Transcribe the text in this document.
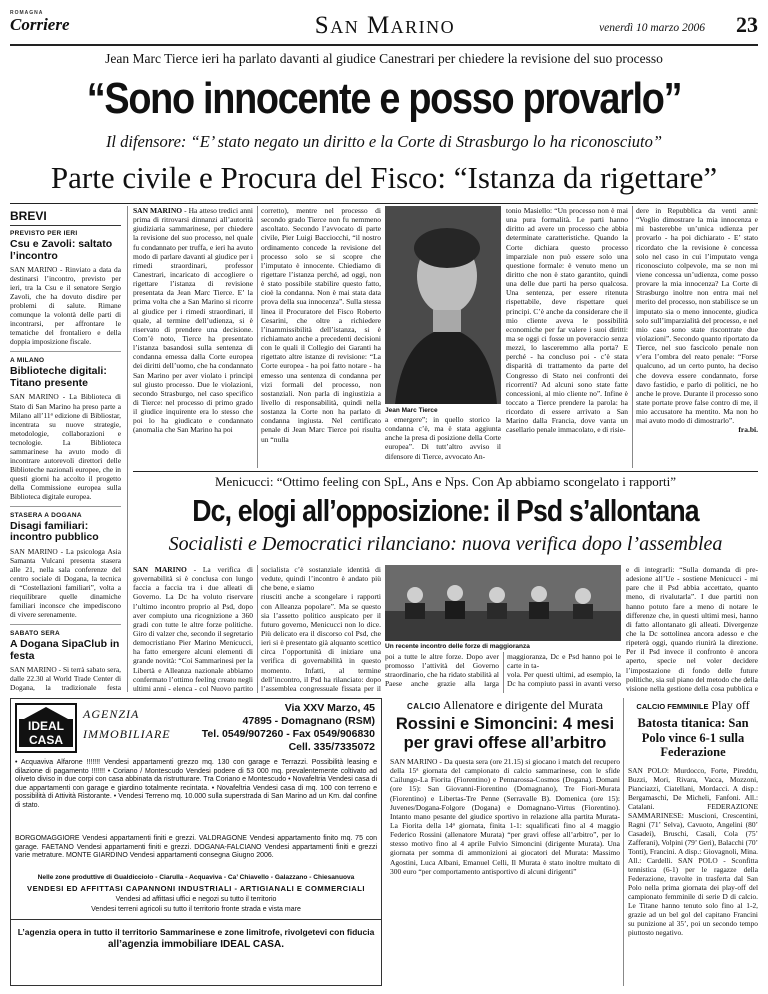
ROMAGNA
Corriere	San Marino	venerdì 10 marzo 2006	23
Jean Marc Tierce ieri ha parlato davanti al giudice Canestrari per chiedere la revisione del suo processo
“Sono innocente e posso provarlo”
Il difensore: “E’ stato negato un diritto e la Corte di Strasburgo lo ha riconosciuto”
Parte civile e Procura del Fisco: “Istanza da rigettare”
BREVI
PREVISTO PER IERI
Csu e Zavoli: saltato l’incontro
SAN MARINO - Rinviato a data da destinarsi l’incontro, previsto per ieri, tra la Csu e il senatore Sergio Zavoli, che ha dovuto disdire per problemi di salute. Rimane comunque la volontà delle parti di incontrarsi, per affrontare le tematiche del frontaliero e della doppia imposizione fiscale.
A MILANO
Biblioteche digitali: Titano presente
SAN MARINO - La Biblioteca di Stato di San Marino ha preso parte a Milano all’11ª edizione di Bibliostar, incentrata su nuove strategie, metodologie, collaborazioni e tecnologie. La Biblioteca sammarinese ha avuto modo di incontrare autorevoli direttori delle Biblioteche nazionali europee, che in questi giorni ha accolto il progetto della Commissione europea sulla Biblioteca digitale europea.
STASERA A DOGANA
Disagi familiari: incontro pubblico
SAN MARINO - La psicologa Asia Samanta Vulcani presenta stasera alle 21, nella sala conferenze del centro sociale di Dogana, la tecnica di “Costellazioni familiari”, volta a riequilibrare quelle dinamiche familiari inconsce che impediscono di vivere serenamente.
SABATO SERA
A Dogana SipaClub in festa
SAN MARINO - Si terrà sabato sera, dalle 22.30 al World Trade Center di Dogana, la tradizionale festa

SAN MARINO - Ha atteso tredici anni prima di ritrovarsi dinnanzi all’autorità giudiziaria sammarinese, per chiedere la revisione del suo processo, nel quale fu condannato per truffa, e ieri ha avuto modo di parlare davanti al giudice per i rimedi straordinari, professor Canestrari, incaricato di accogliere o rigettare l’istanza di revisione presentata da Jean Marc Tierce. E’ la prima volta che a San Marino si ricorre al giudice per i rimedi straordinari, il quale, al termine dell’udienza, si è riservato di prendere una decisione. Com’è noto, Tierce ha presentato l’istanza basandosi sulla sentenza di condanna emessa dalla Corte europea dei diritti dell’uomo, che ha condannato San Marino per aver violato i principi sul giusto processo. Due le violazioni, secondo Strasburgo, nel caso specifico di Tierce: nel processo di primo grado il giudice inquirente era lo stesso che poi lo ha giudicato e condannato (anomalia che San Marino ha poi

corretto), mentre nel processo di secondo grado Tierce non fu nemmeno ascoltato. Secondo l’avvocato di parte civile, Pier Luigi Bacciocchi, “il nostro ordinamento concede la revisione del processo solo se si scopre che l’imputato è innocente. Chiediamo di rigettare l’istanza perché, ad oggi, non è stato possibile stabilire questo fatto, cioè la condanna. Non è mai stata data prova della sua innocenza”. Sulla stessa linea il Procuratore del Fisco Roberto Cesarini, che oltre a richiedere l’inammissibilità dell’istanza, si è richiamato anche a precedenti decisioni con le quali il Collegio dei Garanti ha rigettato altre istanze di revisione: “La Corte europea - ha poi fatto notare - ha emesso una sentenza di condanna per vizi formali del processo, non sostanziali. Non parla di ingiustizia a livello di responsabilità, quindi nella sostanza la Corte non ha parlato di condanna ingiusta. Nel certificato penale di Jean Marc Tierce poi risulta un “nulla

Jean Marc Tierce
a emergere”; in quello storico la condanna c’è, ma è stata aggiunta anche la presa di posizione della Corte europea”. Di tutt’altro avviso il difensore di Tierce, avvocato An-

tonio Masiello: “Un processo non è mai una pura formalità. Le parti hanno diritto ad avere un processo che abbia determinate caratteristiche. Quando la Corte dichiara questo processo imparziale non può essere solo una questione formale: è venuto meno un diritto che non è stato garantito, quindi una delle due parti ha perso qualcosa. Una sentenza, per essere ritenuta rispettabile, deve rispettare quei principi. C’è anche da considerare che il mio cliente aveva le possibilità economiche per far valere i suoi diritti: ma se oggi ci fosse un poveraccio senza mezzi, lo lasceremmo alla porta? E perché - ha concluso poi - c’è stata disparità di trattamento da parte del Congresso di Stato nei confronti dei ricorrenti? Ad alcuni sono state fatte concessioni, al mio cliente no”. Infine è toccato a Tierce prendere la parola: ha ricordato di essere arrivato a San Marino dalla Francia, dove vanta un casellario penale immacolato, e di risie-

dere in Repubblica da venti anni: “Voglio dimostrare la mia innocenza e mi basterebbe un’unica udienza per provarlo - ha poi dichiarato - E’ stato ricordato che la revisione è concessa solo nel caso in cui l’imputato venga riconosciuto colpevole, ma se non mi viene concessa un’udienza, come posso provare la mia innocenza? La Corte di Strasburgo inoltre non entra mai nel merito del processo, non stabilisce se un imputato sia o meno innocente, giudica solo sull’imparzialità del processo, e nel mio caso sono state riscontrate due violazioni”. Secondo quanto riportato da Tierce, nel suo fascicolo penale non v’era l’ombra del reato penale: “Forse qualcuno, ad un certo punto, ha deciso che doveva essere condannato, forse davo fastidio, e parlo di politici, ne ho anche le prove. Durante il processo sono state portate prove false contro di me, il mio accusatore ha mentito. Ma non ho mai avuto modo di dimostrarlo”.

fra.bi.

Menicucci: “Ottimo feeling con SpL, Ans e Nps. Con Ap abbiamo scongelato i rapporti”
Dc, elogi all’opposizione: il Psd s’allontana
Socialisti e Democratici rilanciano: nuova verifica dopo l’assemblea

SAN MARINO - La verifica di governabilità si è conclusa con lungo faccia a faccia tra i due alleati di Governo. La Dc ha voluto riservare l’ultimo incontro proprio al Psd, dopo aver compiuto una ricognizione a 360 gradi con tutte le altre forze politiche. Giro di valzer che, secondo il segretario democristiano Pier Marino Menicucci, ha fatto emergere alcuni elementi di grande novità: “Coi Sammarinesi per la Libertà e Alleanza nazionale abbiamo confermato l’ottimo feeling creato negli ultimi anni - elenca - col Nuovo partito socialista c’è sostanziale identità di vedute, quindi l’incontro è andato più che bene, e siamo

riusciti anche a scongelare i rapporti con Alleanza popolare”. Ma se questo sia l’assetto politico auspicato per il futuro governo, Menicucci non lo dice. Più delicato era il discorso col Psd, che ieri si è presentato già alquanto scettico circa l’opportunità di iniziare una verifica di governabilità in questo momento. Infatti, al termine dell’incontro, il Psd ha rilanciato: dopo l’assemblea congressuale fissata per il

Un recente incontro delle forze di maggioranza

poi a tutte le altre forze. Dopo aver promosso l’attività del Governo straordinario, che ha ridato stabilità al Paese anche grazie alla larga maggioranza, Dc e Psd hanno poi le carte in ta-

vola. Per questi ultimi, ad esempio, la Dc ha compiuto passi in avanti verso

e di integrarli: “Sulla domanda di pre-adesione all’Ue - sostiene Menicucci - mi pare che il Psd abbia accettato, quanto meno, di rivalutarla”. I due partiti non hanno potuto fare a meno di notare le differenze che, in questi ultimi mesi, hanno di fatto allontanato gli alleati. Divergenze che la Dc sottolinea ancora adesso e che ripeterà oggi, quando riunirà la direzione. Per il Psd invece il confronto è ancora aperto, specie nel voler decidere l’impostazione di fondo delle future politiche, sia sul piano del metodo che della visione nella gestione della cosa pubblica e

IDEAL CASA
AGENZIA
IMMOBILIARE
Via XXV Marzo, 45
47895 - Domagnano (RSM)
Tel. 0549/907260 - Fax 0549/906830
Cell. 335/7335072
• Acquaviva Alfarone !!!!!!! Vendesi appartamenti grezzo mq. 130 con garage e Terrazzi. Possibilità leasing e dilazione di pagamento !!!!!!! • Coriano / Montescudo Vendesi podere di 53 000 mq. prevalentemente coltivato ad oliveto diviso in due corpi con casa abbinata da ristrutturare. Tra Coriano e Montescudo • Novafeltria Vendesi casa di due appartamenti con garage e giardino totalmente recintata. • Novafeltria Vendesi casa di mq. 100 con terreno e possibilità di Attività Ristorante. • Vendesi Terreno mq. 10.000 sulla superstrada di San Marino ad un Km. dal confine di stato.
BORGOMAGGIORE Vendesi appartamenti finiti e grezzi. VALDRAGONE Vendesi appartamento finito mq. 75 con garage. FAETANO Vendesi appartamenti finiti e grezzi. DOGANA-FALCIANO Vendesi appartamenti finiti e grezzi varie metrature. MONTE GIARDINO Vendesi appartamenti consegna Giugno 2006.
Nelle zone produttive di Gualdicciolo - Ciarulla - Acquaviva - Ca’ Chiavello - Galazzano - Chiesanuova
VENDESI ED AFFITTASI CAPANNONI INDUSTRIALI - ARTIGIANALI E COMMERCIALI
Vendesi ad affittasi uffici e negozi su tutto il territorio
Vendesi terreni agricoli su tutto il territorio fronte strada e vista mare
L’agenzia opera in tutto il territorio Sammarinese e zone limitrofe, rivolgetevi con fiducia
all’agenzia immobiliare IDEAL CASA.
CALCIO Allenatore e dirigente del Murata
Rossini e Simoncini: 4 mesi per gravi offese all’arbitro
SAN MARINO - Da questa sera (ore 21.15) si giocano i match del recupero della 15ª giornata del campionato di calcio sammarinese, con le sfide Cailungo-La Fiorita (Fiorentino) e Pennarossa-Cosmos (Dogana). Domani (ore 15): San Giovanni-Fiorentino (Domagnano), Tre Fiori-Murata (Fiorentino) e Libertas-Tre Penne (Serravalle B). Domenica (ore 15): Juvenes/Dogana-Folgore (Dogana) e Domagnano-Virtus (Fiorentino). Intanto mano pesante del giudice sportivo in relazione alla partita Murata-La Fiorita della 14ª giornata, finita 1-1: squalificati fino al 4 maggio Federico Rossini (allenatore Murata) “per gravi offese all’arbitro”, per lo stesso motivo fino al 4 aprile Fulvio Simoncini (dirigente Murata). Una giornata per somma di ammonizioni ai giocatori del Murata: Massimo Agostini, Luca Albani, Emanuel Celli, Il Murata è stato inoltre multato di 300 euro “per comportamento antisportivo di alcuni dirigenti”
CALCIO FEMMINILE Play off
Batosta titanica: San Polo vince 6-1 sulla Federazione
SAN POLO: Murdocco, Forte, Pireddu, Buzzi, Mori, Rivara, Vacca, Mozzoni, Pianciazzi, Ciatellani, Mordacci. A disp.: Bergamaschi, De Micheli, Fanfoni. All.: Catalani. FEDERAZIONE SAMMARINESE: Muscioni, Crescentini, Ragni (71’ Selva), Cavuoto, Angelini (80’ Casadei), Bruschi, Casali, Cola (75’ Zafferani), Volpini (79’ Geri), Balacchi (70’ Tonti), Francini. A disp.: Giovagnoli, Mina. All.: Cardelli. SAN POLO - Sconfitta tennistica (6-1) per le ragazze della Federazione, travolte in trasferta dal San Polo nella prima giornata dei play-off del campionato femminile di serie D di calcio. Le Titane hanno tenuto solo fino al 1-2, grazie ad un bel gol del capitano Francini su punizione al 35’, poi un secondo tempo piuttosto negativo.
